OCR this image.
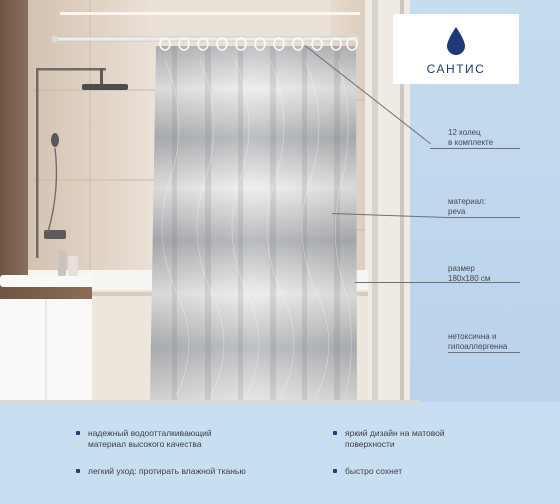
САНТИС
12 колец
в комплекте
материал:
peva
размер
180x180 см
нетоксична и
гипоаллергенна
надежный водоотталкивающий
материал высокого качества
яркий дизайн на матовой
поверхности
легкий уход: протирать влажной тканью	быстро сохнет
